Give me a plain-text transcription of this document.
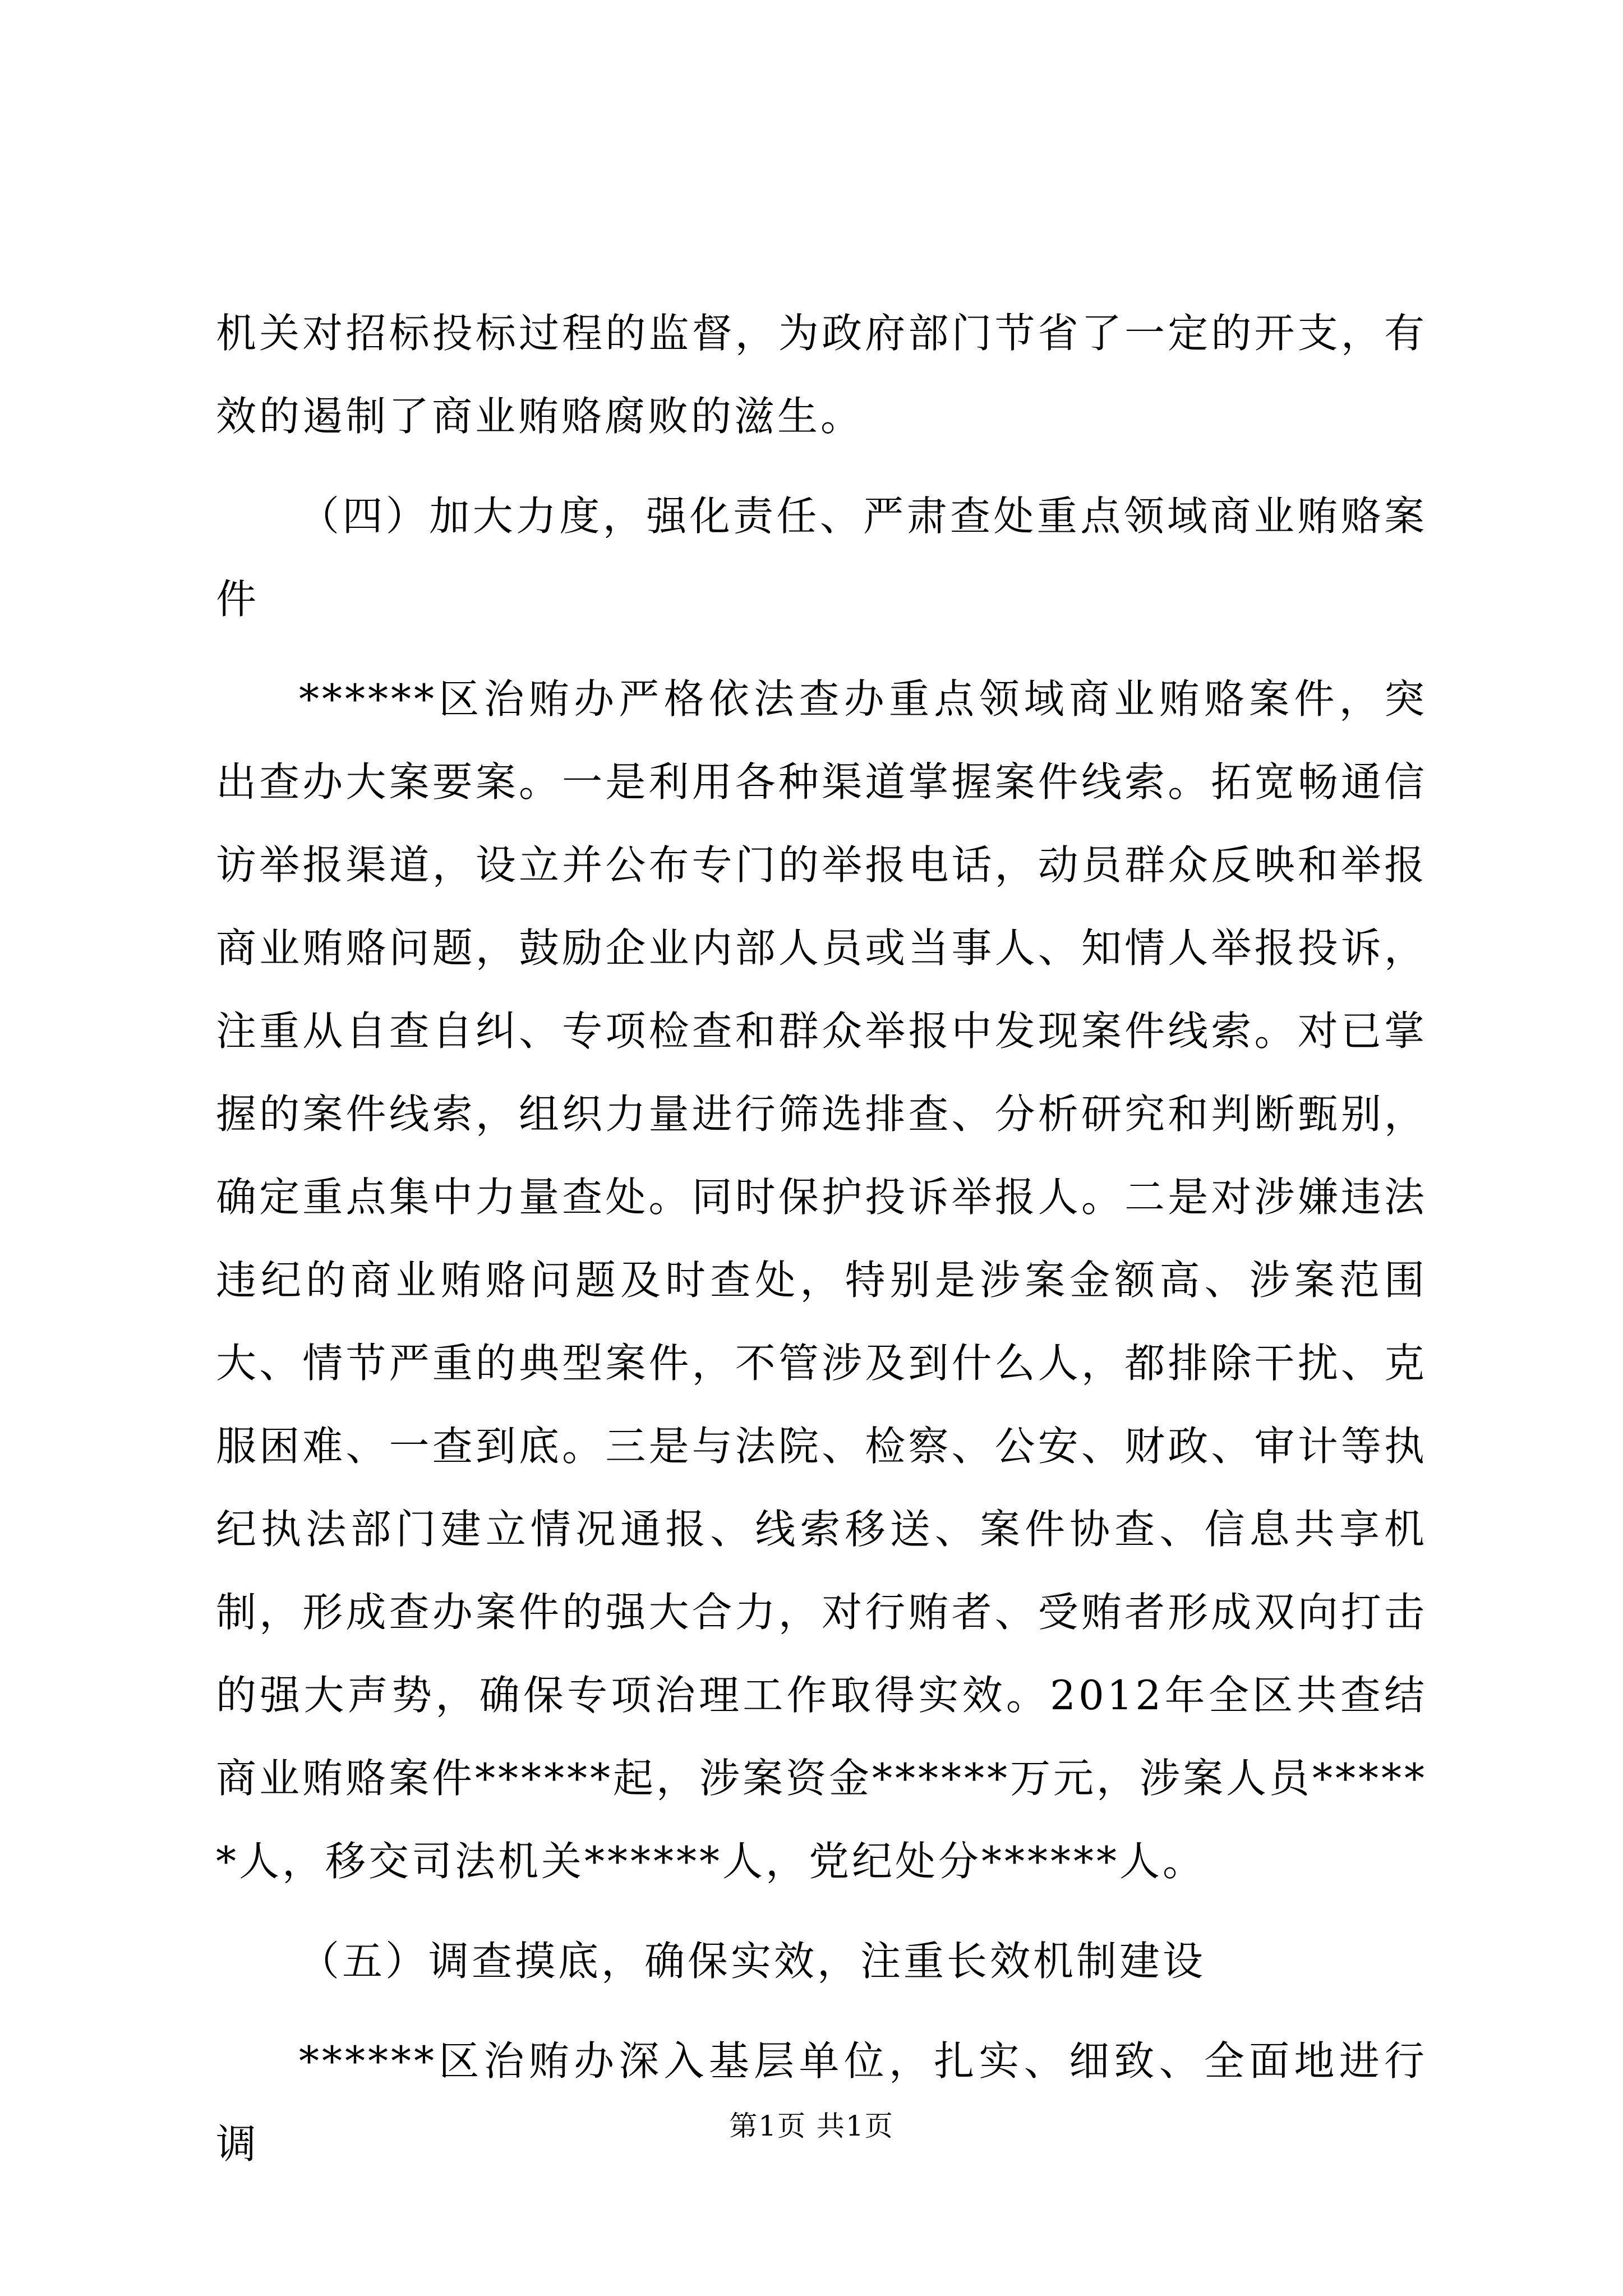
机关对招标投标过程的监督，为政府部门节省了一定的开支，有效的遏制了商业贿赂腐败的滋生。

（四）加大力度，强化责任、严肃查处重点领域商业贿赂案件

******区治贿办严格依法查办重点领域商业贿赂案件，突出查办大案要案。一是利用各种渠道掌握案件线索。拓宽畅通信访举报渠道，设立并公布专门的举报电话，动员群众反映和举报商业贿赂问题，鼓励企业内部人员或当事人、知情人举报投诉，注重从自查自纠、专项检查和群众举报中发现案件线索。对已掌握的案件线索，组织力量进行筛选排查、分析研究和判断甄别，确定重点集中力量查处。同时保护投诉举报人。二是对涉嫌违法违纪的商业贿赂问题及时查处，特别是涉案金额高、涉案范围大、情节严重的典型案件，不管涉及到什么人，都排除干扰、克服困难、一查到底。三是与法院、检察、公安、财政、审计等执纪执法部门建立情况通报、线索移送、案件协查、信息共享机制，形成查办案件的强大合力，对行贿者、受贿者形成双向打击的强大声势，确保专项治理工作取得实效。2012年全区共查结商业贿赂案件******起，涉案资金******万元，涉案人员******人，移交司法机关******人，党纪处分******人。

（五）调查摸底，确保实效，注重长效机制建设

******区治贿办深入基层单位，扎实、细致、全面地进行调	第1页 共1页
